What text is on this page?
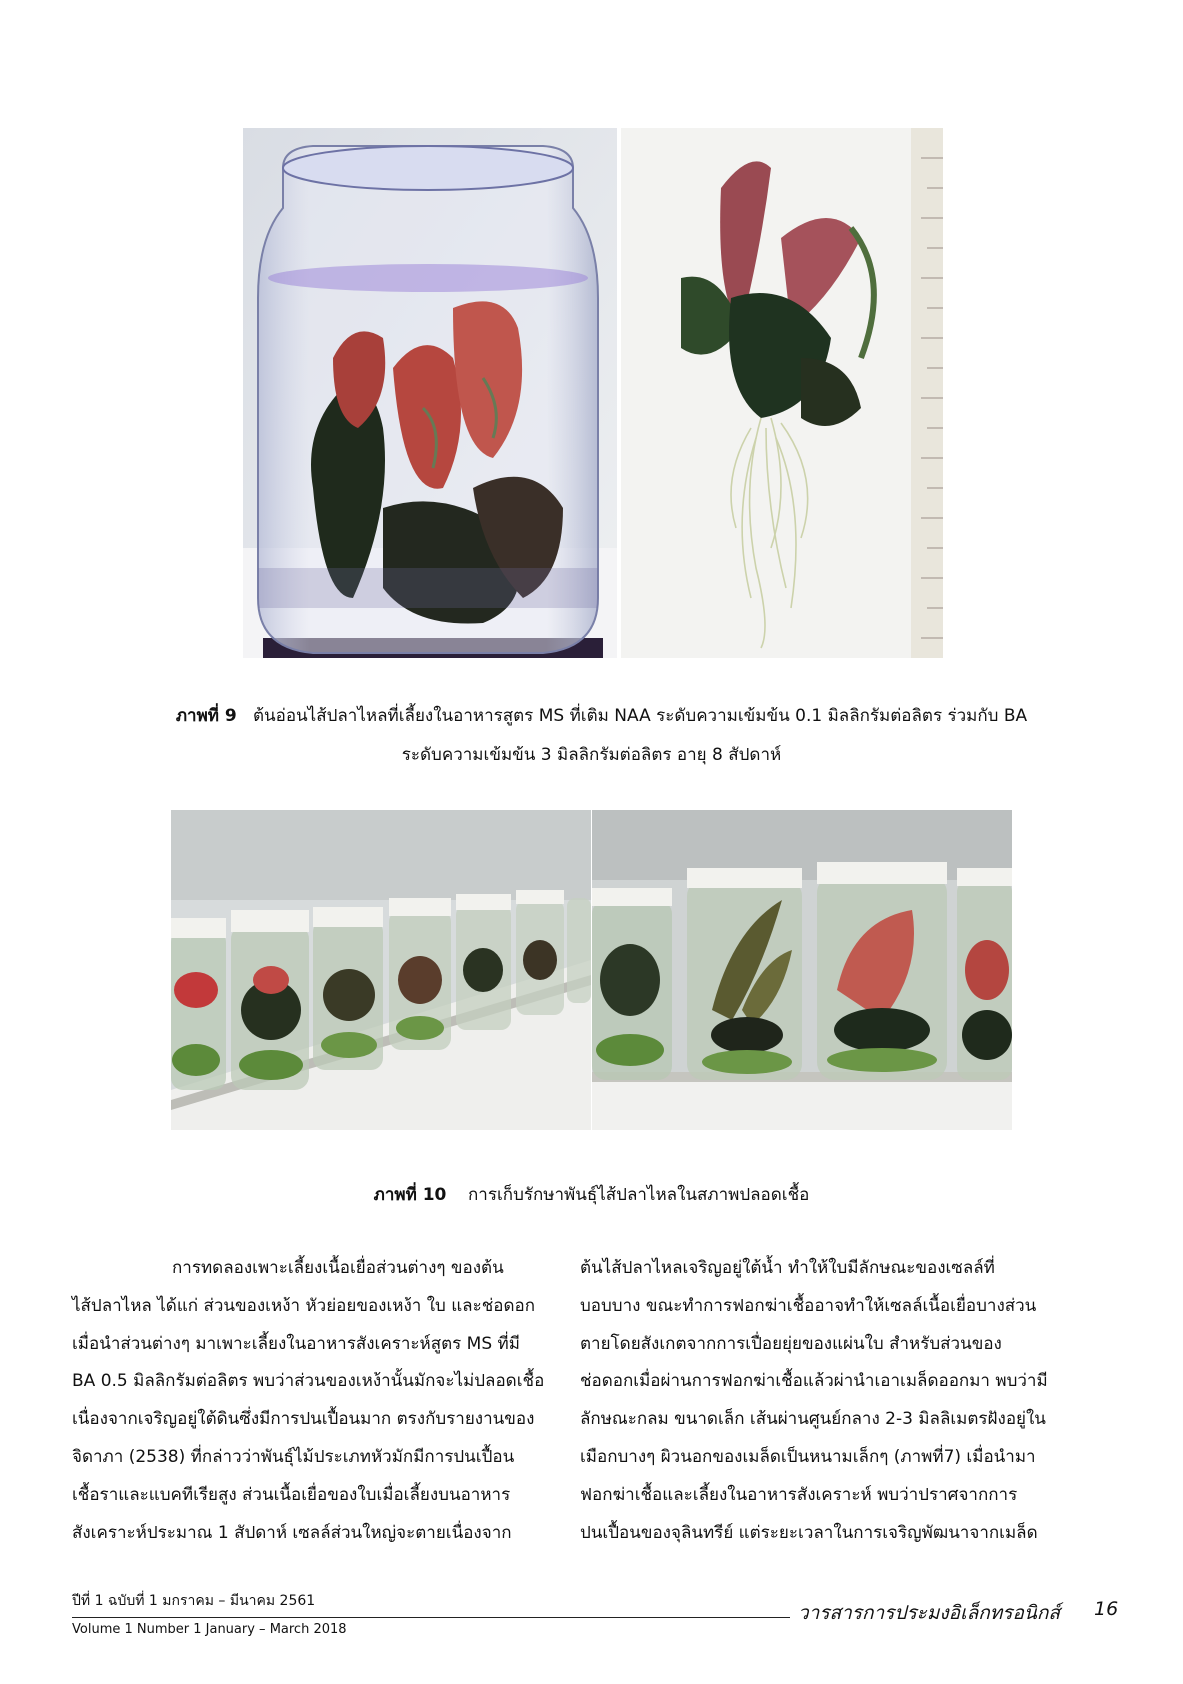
ภาพที่ 9 ต้นอ่อนไส้ปลาไหลที่เลี้ยงในอาหารสูตร MS ที่เติม NAA ระดับความเข้มข้น 0.1 มิลลิกรัมต่อลิตร ร่วมกับ BA
ระดับความเข้มข้น 3 มิลลิกรัมต่อลิตร อายุ 8 สัปดาห์
ภาพที่ 10 การเก็บรักษาพันธุ์ไส้ปลาไหลในสภาพปลอดเชื้อ
การทดลองเพาะเลี้ยงเนื้อเยื่อส่วนต่างๆ ของต้น
ไส้ปลาไหล ได้แก่ ส่วนของเหง้า หัวย่อยของเหง้า ใบ และช่อดอก
เมื่อนำส่วนต่างๆ มาเพาะเลี้ยงในอาหารสังเคราะห์สูตร MS ที่มี
BA 0.5 มิลลิกรัมต่อลิตร พบว่าส่วนของเหง้านั้นมักจะไม่ปลอดเชื้อ
เนื่องจากเจริญอยู่ใต้ดินซึ่งมีการปนเปื้อนมาก ตรงกับรายงานของ
จิดาภา (2538) ที่กล่าวว่าพันธุ์ไม้ประเภทหัวมักมีการปนเปื้อน
เชื้อราและแบคทีเรียสูง ส่วนเนื้อเยื่อของใบเมื่อเลี้ยงบนอาหาร
สังเคราะห์ประมาณ 1 สัปดาห์ เซลล์ส่วนใหญ่จะตายเนื่องจาก
ต้นไส้ปลาไหลเจริญอยู่ใต้น้ำ ทำให้ใบมีลักษณะของเซลล์ที่
บอบบาง ขณะทำการฟอกฆ่าเชื้ออาจทำให้เซลล์เนื้อเยื่อบางส่วน
ตายโดยสังเกตจากการเปื่อยยุ่ยของแผ่นใบ สำหรับส่วนของ
ช่อดอกเมื่อผ่านการฟอกฆ่าเชื้อแล้วผ่านำเอาเมล็ดออกมา พบว่ามี
ลักษณะกลม ขนาดเล็ก เส้นผ่านศูนย์กลาง 2-3 มิลลิเมตรฝังอยู่ใน
เมือกบางๆ ผิวนอกของเมล็ดเป็นหนามเล็กๆ (ภาพที่7) เมื่อนำมา
ฟอกฆ่าเชื้อและเลี้ยงในอาหารสังเคราะห์ พบว่าปราศจากการ
ปนเปื้อนของจุลินทรีย์ แต่ระยะเวลาในการเจริญพัฒนาจากเมล็ด
ปีที่ 1 ฉบับที่ 1 มกราคม – มีนาคม 2561
Volume 1 Number 1 January – March 2018
วารสารการประมงอิเล็กทรอนิกส์ 16
